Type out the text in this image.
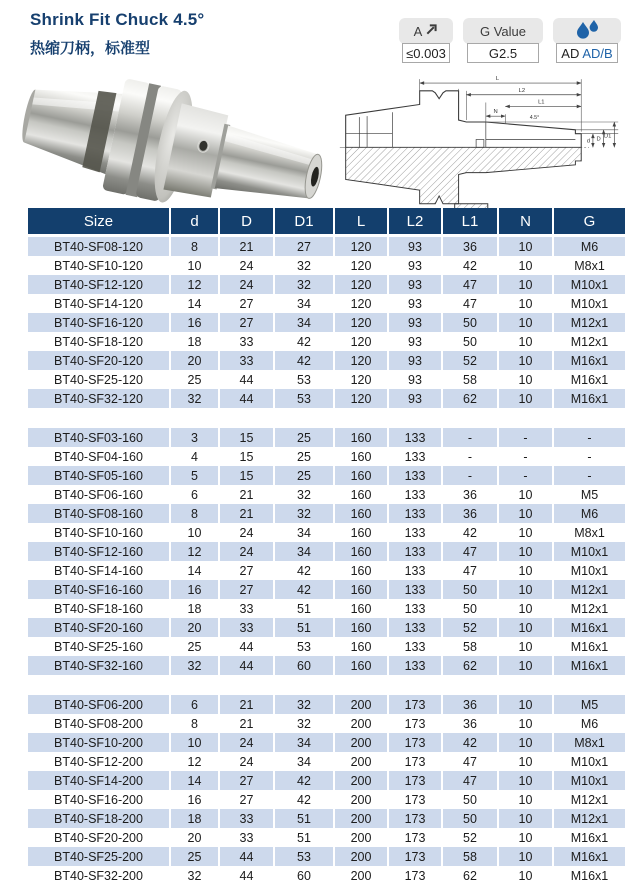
Shrink Fit Chuck 4.5°
热缩刀柄，标准型
A
≤0.003
G Value
G2.5	AD AD/B
L
L2
L1
N
d D D1
4.5°
Size	d	D	D1	L	L2	L1	N	G
BT40-SF08-120	8	21	27	120	93	36	10	M6
BT40-SF10-120	10	24	32	120	93	42	10	M8x1
BT40-SF12-120	12	24	32	120	93	47	10	M10x1
BT40-SF14-120	14	27	34	120	93	47	10	M10x1
BT40-SF16-120	16	27	34	120	93	50	10	M12x1
BT40-SF18-120	18	33	42	120	93	50	10	M12x1
BT40-SF20-120	20	33	42	120	93	52	10	M16x1
BT40-SF25-120	25	44	53	120	93	58	10	M16x1
BT40-SF32-120	32	44	53	120	93	62	10	M16x1

BT40-SF03-160	3	15	25	160	133	-	-	-
BT40-SF04-160	4	15	25	160	133	-	-	-
BT40-SF05-160	5	15	25	160	133	-	-	-
BT40-SF06-160	6	21	32	160	133	36	10	M5
BT40-SF08-160	8	21	32	160	133	36	10	M6
BT40-SF10-160	10	24	34	160	133	42	10	M8x1
BT40-SF12-160	12	24	34	160	133	47	10	M10x1
BT40-SF14-160	14	27	42	160	133	47	10	M10x1
BT40-SF16-160	16	27	42	160	133	50	10	M12x1
BT40-SF18-160	18	33	51	160	133	50	10	M12x1
BT40-SF20-160	20	33	51	160	133	52	10	M16x1
BT40-SF25-160	25	44	53	160	133	58	10	M16x1
BT40-SF32-160	32	44	60	160	133	62	10	M16x1

BT40-SF06-200	6	21	32	200	173	36	10	M5
BT40-SF08-200	8	21	32	200	173	36	10	M6
BT40-SF10-200	10	24	34	200	173	42	10	M8x1
BT40-SF12-200	12	24	34	200	173	47	10	M10x1
BT40-SF14-200	14	27	42	200	173	47	10	M10x1
BT40-SF16-200	16	27	42	200	173	50	10	M12x1
BT40-SF18-200	18	33	51	200	173	50	10	M12x1
BT40-SF20-200	20	33	51	200	173	52	10	M16x1
BT40-SF25-200	25	44	53	200	173	58	10	M16x1
BT40-SF32-200	32	44	60	200	173	62	10	M16x1
